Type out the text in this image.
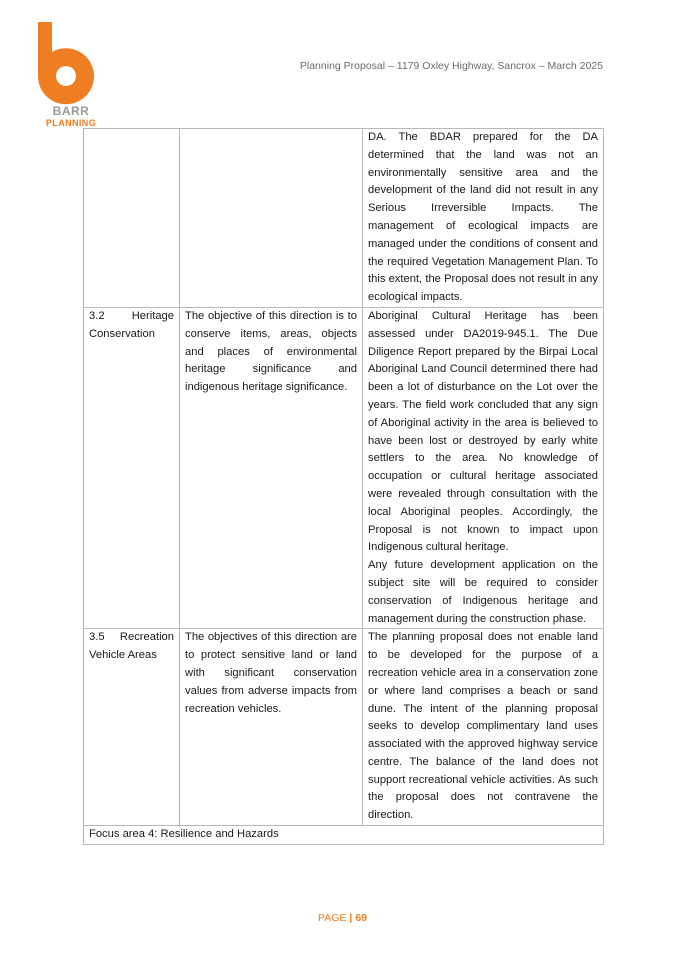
BARR
PLANNING
Planning Proposal – 1179 Oxley Highway, Sancrox – March 2025

		DA. The BDAR prepared for the DA determined that the land was not an environmentally sensitive area and the development of the land did not result in any Serious Irreversible Impacts. The management of ecological impacts are managed under the conditions of consent and the required Vegetation Management Plan. To this extent, the Proposal does not result in any ecological impacts.

3.2 Heritage Conservation	The objective of this direction is to conserve items, areas, objects and places of environmental heritage significance and indigenous heritage significance.	Aboriginal Cultural Heritage has been assessed under DA2019-945.1. The Due Diligence Report prepared by the Birpai Local Aboriginal Land Council determined there had been a lot of disturbance on the Lot over the years. The field work concluded that any sign of Aboriginal activity in the area is believed to have been lost or destroyed by early white settlers to the area. No knowledge of occupation or cultural heritage associated were revealed through consultation with the local Aboriginal peoples. Accordingly, the Proposal is not known to impact upon Indigenous cultural heritage.
Any future development application on the subject site will be required to consider conservation of Indigenous heritage and management during the construction phase.

3.5 Recreation Vehicle Areas	The objectives of this direction are to protect sensitive land or land with significant conservation values from adverse impacts from recreation vehicles.	The planning proposal does not enable land to be developed for the purpose of a recreation vehicle area in a conservation zone or where land comprises a beach or sand dune. The intent of the planning proposal seeks to develop complimentary land uses associated with the approved highway service centre. The balance of the land does not support recreational vehicle activities. As such the proposal does not contravene the direction.

Focus area 4: Resilience and Hazards		
PAGE | 69
